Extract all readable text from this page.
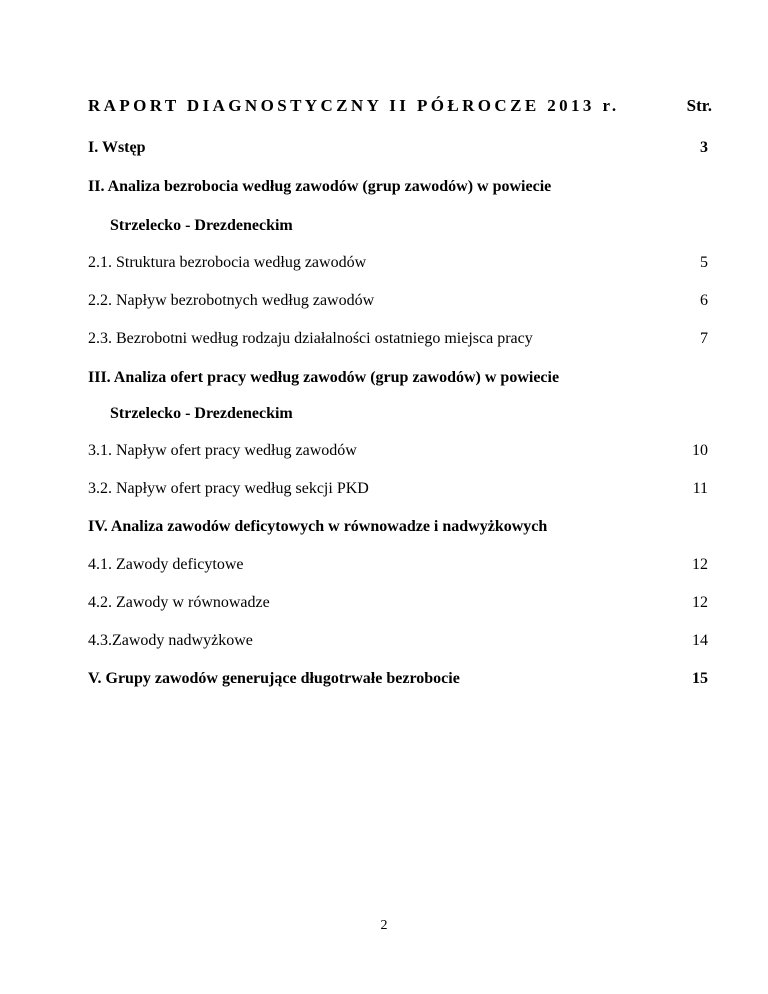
RAPORT DIAGNOSTYCZNY II PÓŁROCZE 2013 r.	Str.
I. Wstęp	3
II. Analiza bezrobocia według zawodów (grup zawodów) w powiecie
Strzelecko - Drezdeneckim
2.1. Struktura bezrobocia według zawodów	5
2.2. Napływ bezrobotnych według zawodów	6
2.3. Bezrobotni według rodzaju działalności ostatniego miejsca pracy	7
III. Analiza ofert pracy według zawodów (grup zawodów) w powiecie
Strzelecko - Drezdeneckim
3.1. Napływ ofert pracy według zawodów	10
3.2. Napływ ofert pracy według sekcji PKD	11
IV. Analiza zawodów deficytowych w równowadze i nadwyżkowych
4.1. Zawody deficytowe	12
4.2. Zawody w równowadze	12
4.3.Zawody nadwyżkowe	14
V. Grupy zawodów generujące długotrwałe bezrobocie	15
2
